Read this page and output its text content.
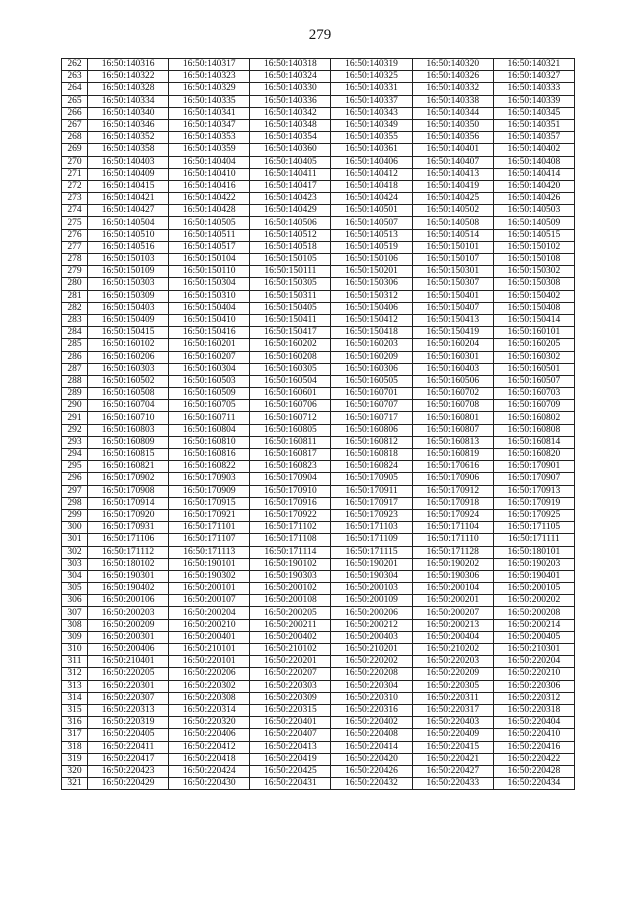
279
262	16:50:140316	16:50:140317	16:50:140318	16:50:140319	16:50:140320	16:50:140321
263	16:50:140322	16:50:140323	16:50:140324	16:50:140325	16:50:140326	16:50:140327
264	16:50:140328	16:50:140329	16:50:140330	16:50:140331	16:50:140332	16:50:140333
265	16:50:140334	16:50:140335	16:50:140336	16:50:140337	16:50:140338	16:50:140339
266	16:50:140340	16:50:140341	16:50:140342	16:50:140343	16:50:140344	16:50:140345
267	16:50:140346	16:50:140347	16:50:140348	16:50:140349	16:50:140350	16:50:140351
268	16:50:140352	16:50:140353	16:50:140354	16:50:140355	16:50:140356	16:50:140357
269	16:50:140358	16:50:140359	16:50:140360	16:50:140361	16:50:140401	16:50:140402
270	16:50:140403	16:50:140404	16:50:140405	16:50:140406	16:50:140407	16:50:140408
271	16:50:140409	16:50:140410	16:50:140411	16:50:140412	16:50:140413	16:50:140414
272	16:50:140415	16:50:140416	16:50:140417	16:50:140418	16:50:140419	16:50:140420
273	16:50:140421	16:50:140422	16:50:140423	16:50:140424	16:50:140425	16:50:140426
274	16:50:140427	16:50:140428	16:50:140429	16:50:140501	16:50:140502	16:50:140503
275	16:50:140504	16:50:140505	16:50:140506	16:50:140507	16:50:140508	16:50:140509
276	16:50:140510	16:50:140511	16:50:140512	16:50:140513	16:50:140514	16:50:140515
277	16:50:140516	16:50:140517	16:50:140518	16:50:140519	16:50:150101	16:50:150102
278	16:50:150103	16:50:150104	16:50:150105	16:50:150106	16:50:150107	16:50:150108
279	16:50:150109	16:50:150110	16:50:150111	16:50:150201	16:50:150301	16:50:150302
280	16:50:150303	16:50:150304	16:50:150305	16:50:150306	16:50:150307	16:50:150308
281	16:50:150309	16:50:150310	16:50:150311	16:50:150312	16:50:150401	16:50:150402
282	16:50:150403	16:50:150404	16:50:150405	16:50:150406	16:50:150407	16:50:150408
283	16:50:150409	16:50:150410	16:50:150411	16:50:150412	16:50:150413	16:50:150414
284	16:50:150415	16:50:150416	16:50:150417	16:50:150418	16:50:150419	16:50:160101
285	16:50:160102	16:50:160201	16:50:160202	16:50:160203	16:50:160204	16:50:160205
286	16:50:160206	16:50:160207	16:50:160208	16:50:160209	16:50:160301	16:50:160302
287	16:50:160303	16:50:160304	16:50:160305	16:50:160306	16:50:160403	16:50:160501
288	16:50:160502	16:50:160503	16:50:160504	16:50:160505	16:50:160506	16:50:160507
289	16:50:160508	16:50:160509	16:50:160601	16:50:160701	16:50:160702	16:50:160703
290	16:50:160704	16:50:160705	16:50:160706	16:50:160707	16:50:160708	16:50:160709
291	16:50:160710	16:50:160711	16:50:160712	16:50:160717	16:50:160801	16:50:160802
292	16:50:160803	16:50:160804	16:50:160805	16:50:160806	16:50:160807	16:50:160808
293	16:50:160809	16:50:160810	16:50:160811	16:50:160812	16:50:160813	16:50:160814
294	16:50:160815	16:50:160816	16:50:160817	16:50:160818	16:50:160819	16:50:160820
295	16:50:160821	16:50:160822	16:50:160823	16:50:160824	16:50:170616	16:50:170901
296	16:50:170902	16:50:170903	16:50:170904	16:50:170905	16:50:170906	16:50:170907
297	16:50:170908	16:50:170909	16:50:170910	16:50:170911	16:50:170912	16:50:170913
298	16:50:170914	16:50:170915	16:50:170916	16:50:170917	16:50:170918	16:50:170919
299	16:50:170920	16:50:170921	16:50:170922	16:50:170923	16:50:170924	16:50:170925
300	16:50:170931	16:50:171101	16:50:171102	16:50:171103	16:50:171104	16:50:171105
301	16:50:171106	16:50:171107	16:50:171108	16:50:171109	16:50:171110	16:50:171111
302	16:50:171112	16:50:171113	16:50:171114	16:50:171115	16:50:171128	16:50:180101
303	16:50:180102	16:50:190101	16:50:190102	16:50:190201	16:50:190202	16:50:190203
304	16:50:190301	16:50:190302	16:50:190303	16:50:190304	16:50:190306	16:50:190401
305	16:50:190402	16:50:200101	16:50:200102	16:50:200103	16:50:200104	16:50:200105
306	16:50:200106	16:50:200107	16:50:200108	16:50:200109	16:50:200201	16:50:200202
307	16:50:200203	16:50:200204	16:50:200205	16:50:200206	16:50:200207	16:50:200208
308	16:50:200209	16:50:200210	16:50:200211	16:50:200212	16:50:200213	16:50:200214
309	16:50:200301	16:50:200401	16:50:200402	16:50:200403	16:50:200404	16:50:200405
310	16:50:200406	16:50:210101	16:50:210102	16:50:210201	16:50:210202	16:50:210301
311	16:50:210401	16:50:220101	16:50:220201	16:50:220202	16:50:220203	16:50:220204
312	16:50:220205	16:50:220206	16:50:220207	16:50:220208	16:50:220209	16:50:220210
313	16:50:220301	16:50:220302	16:50:220303	16:50:220304	16:50:220305	16:50:220306
314	16:50:220307	16:50:220308	16:50:220309	16:50:220310	16:50:220311	16:50:220312
315	16:50:220313	16:50:220314	16:50:220315	16:50:220316	16:50:220317	16:50:220318
316	16:50:220319	16:50:220320	16:50:220401	16:50:220402	16:50:220403	16:50:220404
317	16:50:220405	16:50:220406	16:50:220407	16:50:220408	16:50:220409	16:50:220410
318	16:50:220411	16:50:220412	16:50:220413	16:50:220414	16:50:220415	16:50:220416
319	16:50:220417	16:50:220418	16:50:220419	16:50:220420	16:50:220421	16:50:220422
320	16:50:220423	16:50:220424	16:50:220425	16:50:220426	16:50:220427	16:50:220428
321	16:50:220429	16:50:220430	16:50:220431	16:50:220432	16:50:220433	16:50:220434
